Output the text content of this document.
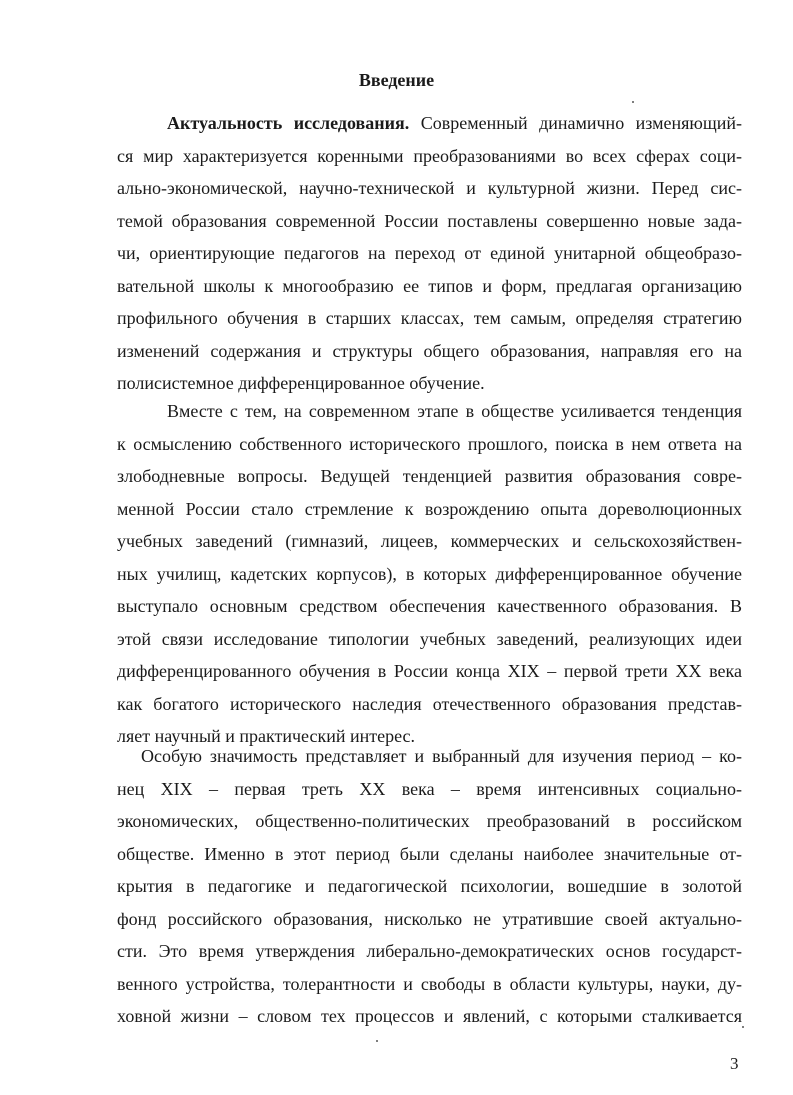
Введение
Актуальность исследования. Современный динамично изменяющий-
ся мир характеризуется коренными преобразованиями во всех сферах соци-
ально-экономической, научно-технической и культурной жизни. Перед сис-
темой образования современной России поставлены совершенно новые зада-
чи, ориентирующие педагогов на переход от единой унитарной общеобразо-
вательной школы к многообразию ее типов и форм, предлагая организацию
профильного обучения в старших классах, тем самым, определяя стратегию
изменений содержания и структуры общего образования, направляя его на
полисистемное дифференцированное обучение.
Вместе с тем, на современном этапе в обществе усиливается тенденция
к осмыслению собственного исторического прошлого, поиска в нем ответа на
злободневные вопросы. Ведущей тенденцией развития образования совре-
менной России стало стремление к возрождению опыта дореволюционных
учебных заведений (гимназий, лицеев, коммерческих и сельскохозяйствен-
ных училищ, кадетских корпусов), в которых дифференцированное обучение
выступало основным средством обеспечения качественного образования. В
этой связи исследование типологии учебных заведений, реализующих идеи
дифференцированного обучения в России конца XIX – первой трети XX века
как богатого исторического наследия отечественного образования представ-
ляет научный и практический интерес.
Особую значимость представляет и выбранный для изучения период – ко-
нец XIX – первая треть XX века – время интенсивных социально-
экономических, общественно-политических преобразований в российском
обществе. Именно в этот период были сделаны наиболее значительные от-
крытия в педагогике и педагогической психологии, вошедшие в золотой
фонд российского образования, нисколько не утратившие своей актуально-
сти. Это время утверждения либерально-демократических основ государст-
венного устройства, толерантности и свободы в области культуры, науки, ду-
ховной жизни – словом тех процессов и явлений, с которыми сталкивается
3
